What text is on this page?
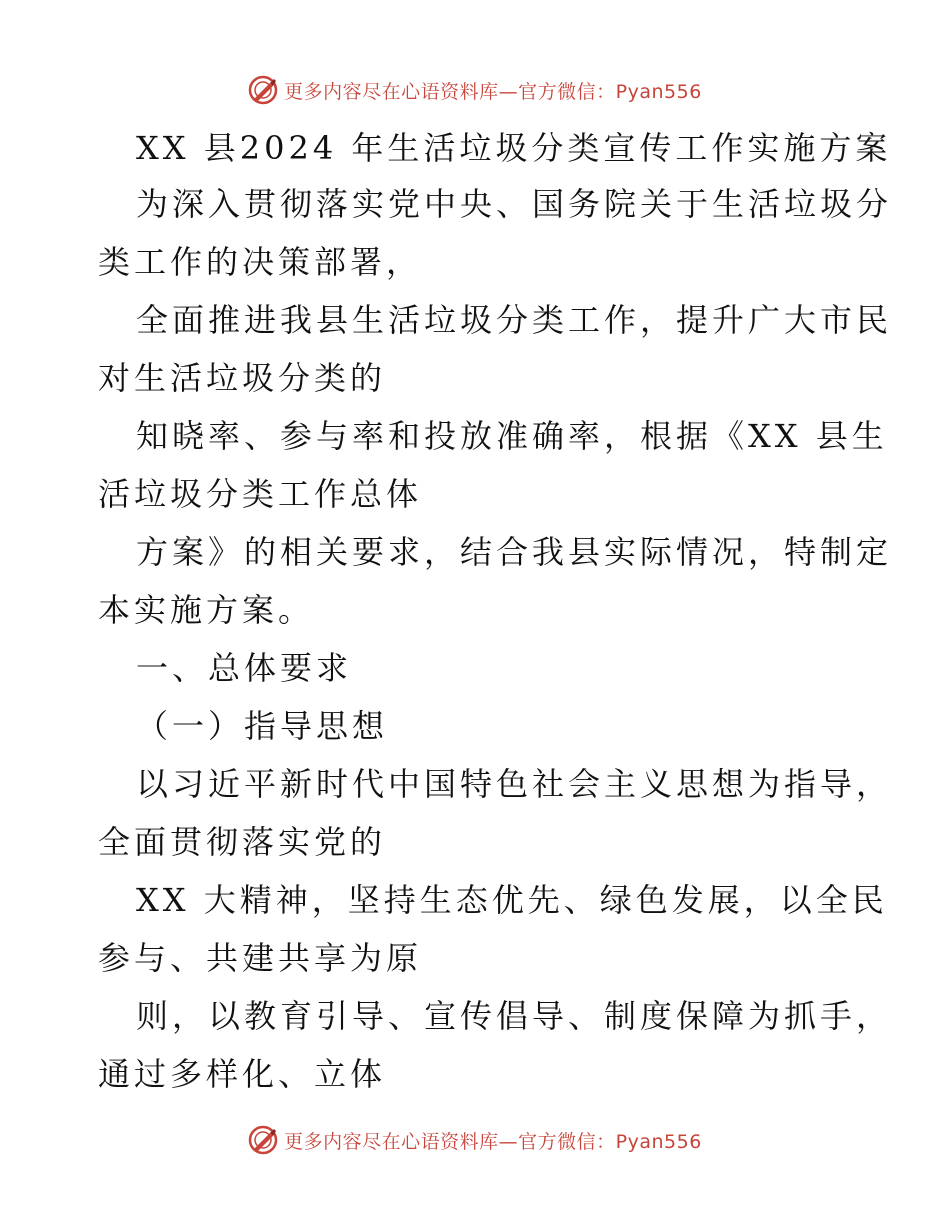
更多内容尽在心语资料库—官方微信：Pyan556
XX 县2024 年生活垃圾分类宣传工作实施方案
为深入贯彻落实党中央、国务院关于生活垃圾分
类工作的决策部署，
全面推进我县生活垃圾分类工作，提升广大市民
对生活垃圾分类的
知晓率、参与率和投放准确率，根据《XX 县生
活垃圾分类工作总体
方案》的相关要求，结合我县实际情况，特制定
本实施方案。
一、总体要求
（一）指导思想
以习近平新时代中国特色社会主义思想为指导，
全面贯彻落实党的
XX 大精神，坚持生态优先、绿色发展，以全民
参与、共建共享为原
则，以教育引导、宣传倡导、制度保障为抓手，
通过多样化、立体
更多内容尽在心语资料库—官方微信：Pyan556
